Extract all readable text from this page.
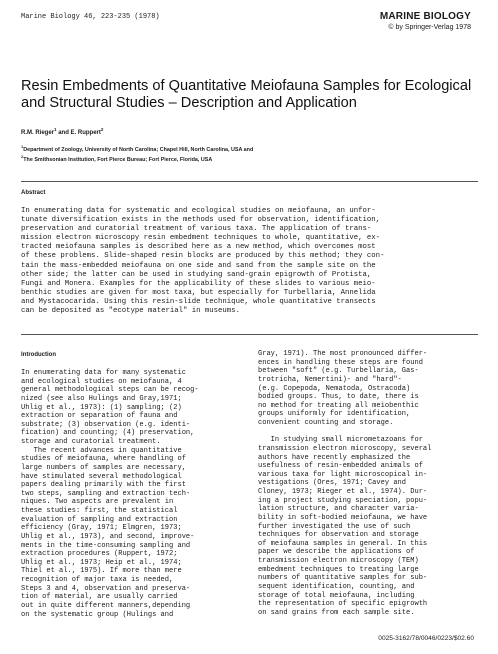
Marine Biology 46, 223-235 (1978)	MARINE BIOLOGY
© by Springer-Verlag 1978
Resin Embedments of Quantitative Meiofauna Samples for Ecological and Structural Studies – Description and Application
R.M. Rieger$^1$ and E. Ruppert$^2$
$^1$Department of Zoology, University of North Carolina; Chapel Hill, North Carolina, USA and
$^2$The Smithsonian Institution, Fort Pierce Bureau; Fort Pierce, Florida, USA
Abstract
In enumerating data for systematic and ecological studies on meiofauna, an unfor-
tunate diversification exists in the methods used for observation, identification,
preservation and curatorial treatment of various taxa. The application of trans-
mission electron microscopy resin embedment techniques to whole, quantitative, ex-
tracted meiofauna samples is described here as a new method, which overcomes most
of these problems. Slide-shaped resin blocks are produced by this method; they con-
tain the mass-embedded meiofauna on one side and sand from the sample site on the
other side; the latter can be used in studying sand-grain epigrowth of Protista,
Fungi and Monera. Examples for the applicability of these slides to various meio-
benthic studies are given for most taxa, but especially for Turbellaria, Annelida
and Mystacocarida. Using this resin-slide technique, whole quantitative transects
can be deposited as "ecotype material" in museums.

Introduction
In enumerating data for many systematic
and ecological studies on meiofauna, 4
general methodological steps can be recog-
nized (see also Hulings and Gray,1971;
Uhlig et al., 1973): (1) sampling; (2)
extraction or separation of fauna and
substrate; (3) observation (e.g. identi-
fication) and counting; (4) preservation,
storage and curatorial treatment.
The recent advances in quantitative
studies of meiofauna, where handling of
large numbers of samples are necessary,
have stimulated several methodological
papers dealing primarily with the first
two steps, sampling and extraction tech-
niques. Two aspects are prevalent in
these studies: first, the statistical
evaluation of sampling and extraction
efficiency (Gray, 1971; Elmgren, 1973;
Uhlig et al., 1973), and second, improve-
ments in the time-consuming sampling and
extraction procedures (Ruppert, 1972;
Uhlig et al., 1973; Heip et al., 1974;
Thiel et al., 1975). If more than mere
recognition of major taxa is needed,
Steps 3 and 4, observation and preserva-
tion of material, are usually carried
out in quite different manners,depending
on the systematic group (Hulings and

Gray, 1971). The most pronounced differ-
ences in handling these steps are found
between "soft" (e.g. Turbellaria, Gas-
trotricha, Nemertini)- and "hard"-
(e.g. Copepoda, Nematoda, Ostracoda)
bodied groups. Thus, to date, there is
no method for treating all meiobenthic
groups uniformly for identification,
convenient counting and storage.

In studying small micrometazoans for
transmission electron microscopy, several
authors have recently emphasized the
usefulness of resin-embedded animals of
various taxa for light microscopical in-
vestigations (Ores, 1971; Cavey and
Cloney, 1973; Rieger et al., 1974). Dur-
ing a project studying speciation, popu-
lation structure, and character varia-
bility in soft-bodied meiofauna, we have
further investigated the use of such
techniques for observation and storage
of meiofauna samples in general. In this
paper we describe the applications of
transmission electron microscopy (TEM)
embedment techniques to treating large
numbers of quantitative samples for sub-
sequent identification, counting, and
storage of total meiofauna, including
the representation of specific epigrowth
on sand grains from each sample site.

0025-3162/78/0046/0223/$02.60
